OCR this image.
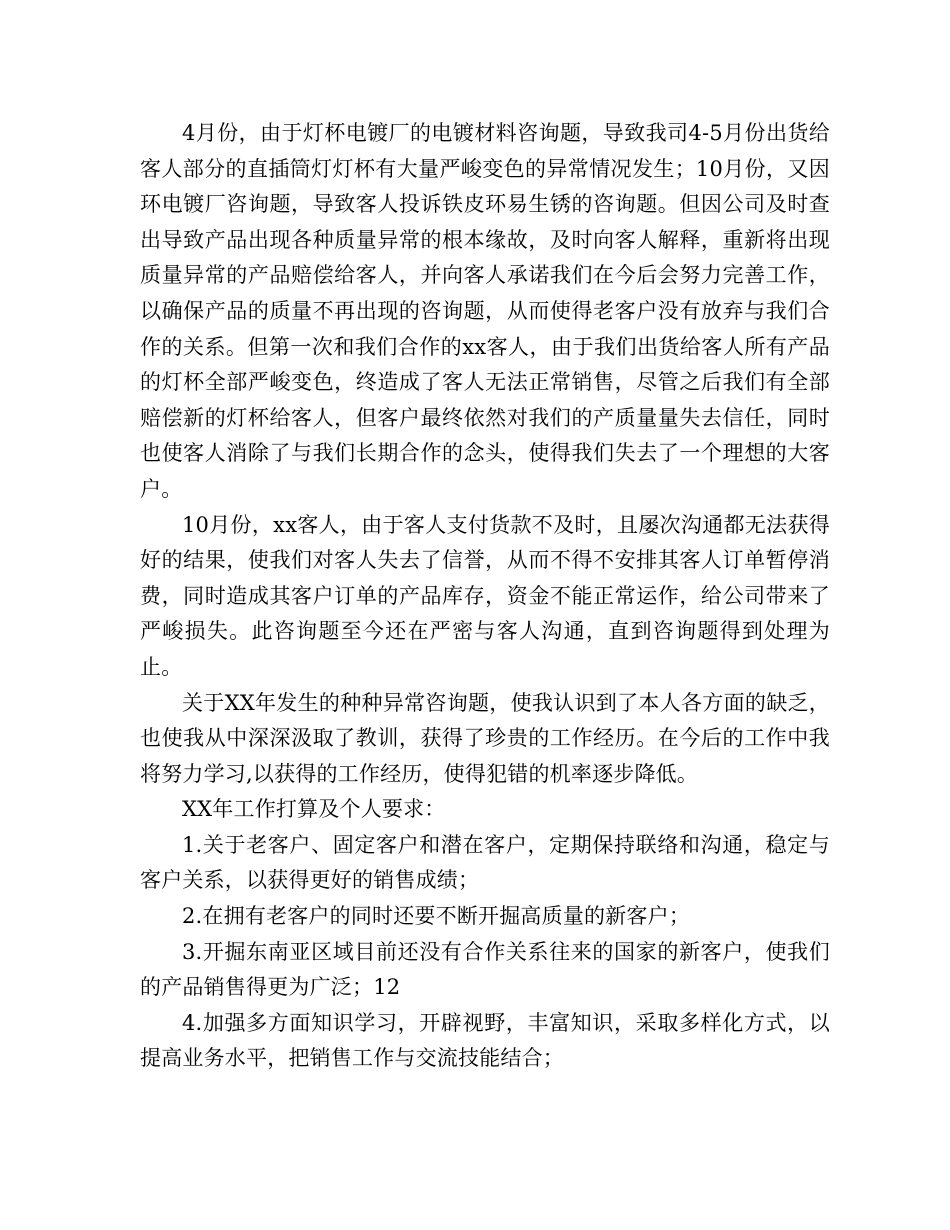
4月份，由于灯杯电镀厂的电镀材料咨询题，导致我司4-5月份出货给客人部分的直插筒灯灯杯有大量严峻变色的异常情况发生；10月份，又因环电镀厂咨询题，导致客人投诉铁皮环易生锈的咨询题。但因公司及时查出导致产品出现各种质量异常的根本缘故，及时向客人解释，重新将出现质量异常的产品赔偿给客人，并向客人承诺我们在今后会努力完善工作，以确保产品的质量不再出现的咨询题，从而使得老客户没有放弃与我们合作的关系。但第一次和我们合作的xx客人，由于我们出货给客人所有产品的灯杯全部严峻变色，终造成了客人无法正常销售，尽管之后我们有全部赔偿新的灯杯给客人，但客户最终依然对我们的产质量量失去信任，同时也使客人消除了与我们长期合作的念头，使得我们失去了一个理想的大客户。

10月份，xx客人，由于客人支付货款不及时，且屡次沟通都无法获得好的结果，使我们对客人失去了信誉，从而不得不安排其客人订单暂停消费，同时造成其客户订单的产品库存，资金不能正常运作，给公司带来了严峻损失。此咨询题至今还在严密与客人沟通，直到咨询题得到处理为止。

关于XX年发生的种种异常咨询题，使我认识到了本人各方面的缺乏，也使我从中深深汲取了教训，获得了珍贵的工作经历。在今后的工作中我将努力学习,以获得的工作经历，使得犯错的机率逐步降低。

XX年工作打算及个人要求：

1.关于老客户、固定客户和潜在客户，定期保持联络和沟通，稳定与客户关系，以获得更好的销售成绩；

2.在拥有老客户的同时还要不断开掘高质量的新客户；

3.开掘东南亚区域目前还没有合作关系往来的国家的新客户，使我们的产品销售得更为广泛；12

4.加强多方面知识学习，开辟视野，丰富知识，采取多样化方式，以提高业务水平，把销售工作与交流技能结合；
